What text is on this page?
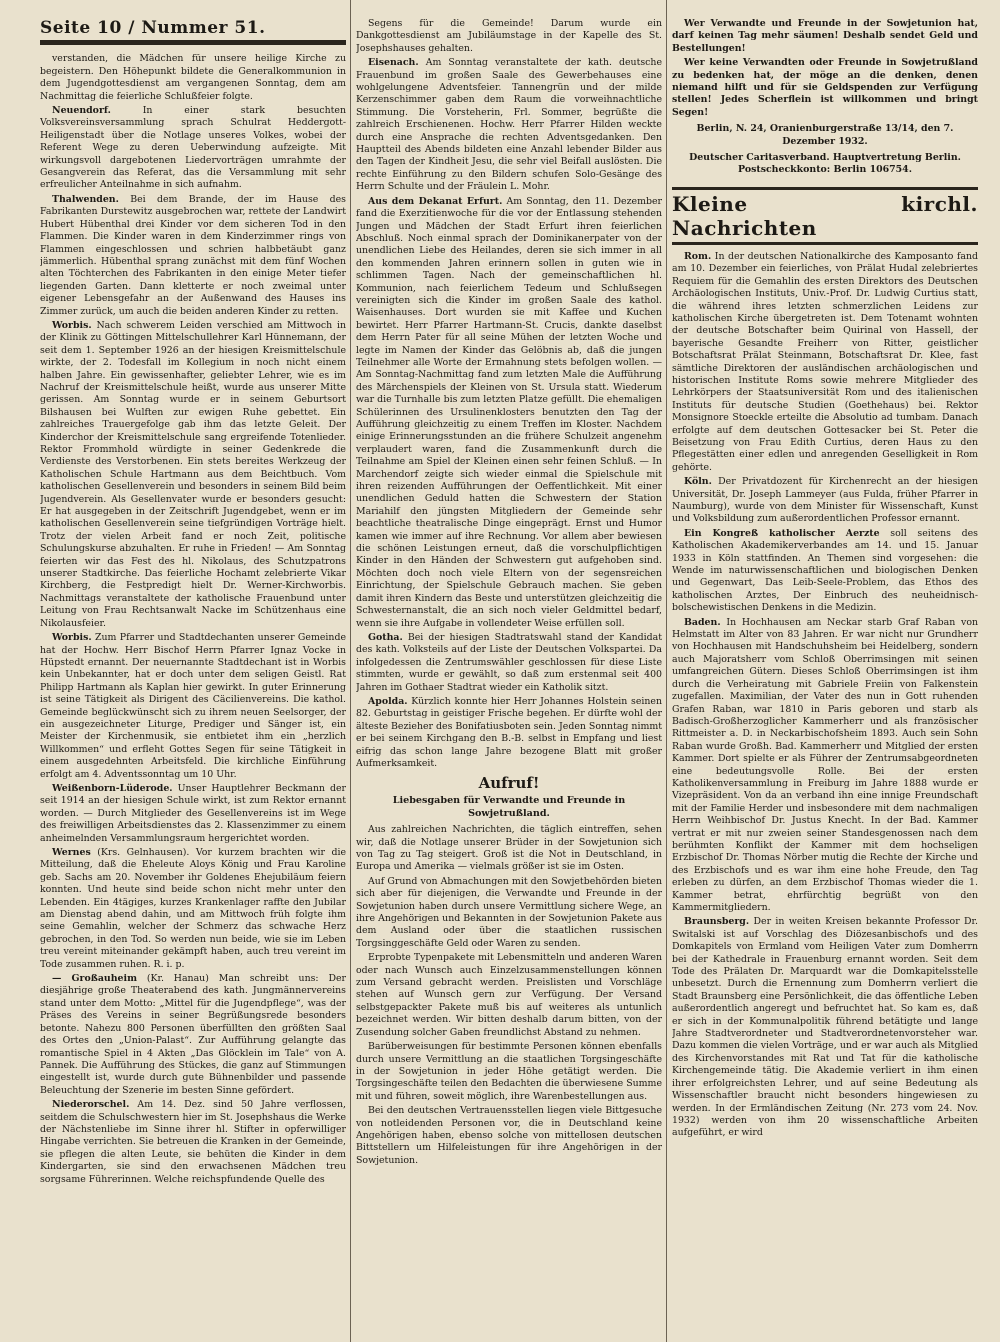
Seite 10 / Nummer 51.

verstanden, die Mädchen für unsere heilige Kirche zu begeistern. Den Höhepunkt bildete die Generalkommunion in dem Jugendgottesdienst am vergangenen Sonntag, dem am Nachmittag die feierliche Schlußfeier folgte.

Neuendorf.	In einer stark besuchten Volksvereinsversammlung sprach Schulrat Heddergott-Heiligenstadt über die Notlage unseres Volkes, wobei der Referent Wege zu deren Ueberwindung aufzeigte. Mit wirkungsvoll dargebotenen Liedervorträgen umrahmte der Gesangverein das Referat, das die Versammlung mit sehr erfreulicher Anteilnahme in sich aufnahm.

Thalwenden. Bei dem Brande, der im Hause des Fabrikanten Durstewitz ausgebrochen war, rettete der Landwirt Hubert Hübenthal drei Kinder vor dem sicheren Tod in den Flammen. Die Kinder waren in dem Kinderzimmer rings von Flammen eingeschlossen und schrien halbbetäubt ganz jämmerlich. Hübenthal sprang zunächst mit dem fünf Wochen alten Töchterchen des Fabrikanten in den einige Meter tiefer liegenden Garten. Dann kletterte er noch zweimal unter eigener Lebensgefahr an der Außenwand des Hauses ins Zimmer zurück, um auch die beiden anderen Kinder zu retten.

Worbis. Nach schwerem Leiden verschied am Mittwoch in der Klinik zu Göttingen Mittelschullehrer Karl Hünnemann, der seit dem 1. September 1926 an der hiesigen Kreismittelschule wirkte, der 2. Todesfall im Kollegium in noch nicht einem halben Jahre. Ein gewissenhafter, geliebter Lehrer, wie es im Nachruf der Kreismittelschule heißt, wurde aus unserer Mitte gerissen. Am Sonntag wurde er in seinem Geburtsort Bilshausen bei Wulften zur ewigen Ruhe gebettet. Ein zahlreiches Trauergefolge gab ihm das letzte Geleit. Der Kinderchor der Kreismittelschule sang ergreifende Totenlieder. Rektor Frommhold würdigte in seiner Gedenkrede die Verdienste des Verstorbenen. Ein stets bereites Werkzeug der Katholischen Schule Hartmann aus dem Beichtbuch. Vom katholischen Gesellenverein und besonders in seinem Bild beim Jugendverein. Als Gesellenvater wurde er besonders gesucht: Er hat ausgegeben in der Zeitschrift Jugendgebet, wenn er im katholischen Gesellenverein seine tiefgründigen Vorträge hielt. Trotz der vielen Arbeit fand er noch Zeit, politische Schulungskurse abzuhalten. Er ruhe in Frieden! — Am Sonntag feierten wir das Fest des hl. Nikolaus, des Schutzpatrons unserer Stadtkirche. Das feierliche Hochamt zelebrierte Vikar Kirchberg, die Festpredigt hielt Dr. Werner-Kirchworbis. Nachmittags veranstaltete der katholische Frauenbund unter Leitung von Frau Rechtsanwalt Nacke im Schützenhaus eine Nikolausfeier.

Worbis. Zum Pfarrer und Stadtdechanten unserer Gemeinde hat der Hochw. Herr Bischof Herrn Pfarrer Ignaz Vocke in Hüpstedt ernannt. Der neuernannte Stadtdechant ist in Worbis kein Unbekannter, hat er doch unter dem seligen Geistl. Rat Philipp Hartmann als Kaplan hier gewirkt. In guter Erinnerung ist seine Tätigkeit als Dirigent des Cäcilienvereins. Die kathol. Gemeinde beglückwünscht sich zu ihrem neuen Seelsorger, der ein ausgezeichneter Liturge, Prediger und Sänger ist, ein Meister der Kirchenmusik, sie entbietet ihm ein „herzlich Willkommen“ und erfleht Gottes Segen für seine Tätigkeit in einem ausgedehnten Arbeitsfeld. Die kirchliche Einführung erfolgt am 4. Adventssonntag um 10 Uhr.

Weißenborn-Lüderode. Unser Hauptlehrer Beckmann der seit 1914 an der hiesigen Schule wirkt, ist zum Rektor ernannt worden. — Durch Mitglieder des Gesellenvereins ist im Wege des freiwilligen Arbeitsdienstes das 2. Klassenzimmer zu einem anheimelnden Versammlungsraum hergerichtet worden.

Wernes (Krs. Gelnhausen). Vor kurzem brachten wir die Mitteilung, daß die Eheleute Aloys König und Frau Karoline geb. Sachs am 20. November ihr Goldenes Ehejubiläum feiern konnten. Und heute sind beide schon nicht mehr unter den Lebenden. Ein 4tägiges, kurzes Krankenlager raffte den Jubilar am Dienstag abend dahin, und am Mittwoch früh folgte ihm seine Gemahlin, welcher der Schmerz das schwache Herz gebrochen, in den Tod. So werden nun beide, wie sie im Leben treu vereint miteinander gekämpft haben, auch treu vereint im Tode zusammen ruhen. R. i. p.

— Großauheim (Kr. Hanau) Man schreibt uns: Der diesjährige große Theaterabend des kath. Jungmännervereins stand unter dem Motto: „Mittel für die Jugendpflege“, was der Präses des Vereins in seiner Begrüßungsrede besonders betonte. Nahezu 800 Personen überfüllten den größten Saal des Ortes den „Union-Palast“. Zur Aufführung gelangte das romantische Spiel in 4 Akten „Das Glöcklein im Tale“ von A. Pannek. Die Aufführung des Stückes, die ganz auf Stimmungen eingestellt ist, wurde durch gute Bühnenbilder und passende Beleuchtung der Szenerie im besten Sinne gefördert.

Niederorschel. Am 14. Dez. sind 50 Jahre verflossen, seitdem die Schulschwestern hier im St. Josephshaus die Werke der Nächstenliebe im Sinne ihrer hl. Stifter in opferwilliger Hingabe verrichten. Sie betreuen die Kranken in der Gemeinde, sie pflegen die alten Leute, sie behüten die Kinder in dem Kindergarten, sie sind den erwachsenen Mädchen treu sorgsame Führerinnen. Welche reichspfundende Quelle des

Segens für die Gemeinde! Darum wurde ein Dankgottesdienst am Jubiläumstage in der Kapelle des St. Josephshauses gehalten.

Eisenach. Am Sonntag veranstaltete der kath. deutsche Frauenbund im großen Saale des Gewerbehauses eine wohlgelungene Adventsfeier. Tannengrün und der milde Kerzenschimmer gaben dem Raum die vorweihnachtliche Stimmung. Die Vorsteherin, Frl. Sommer, begrüßte die zahlreich Erschienenen. Hochw. Herr Pfarrer Hilden weckte durch eine Ansprache die rechten Adventsgedanken. Den Hauptteil des Abends bildeten eine Anzahl lebender Bilder aus den Tagen der Kindheit Jesu, die sehr viel Beifall auslösten. Die rechte Einführung zu den Bildern schufen Solo-Gesänge des Herrn Schulte und der Fräulein L. Mohr.

Aus dem Dekanat Erfurt. Am Sonntag, den 11. Dezember fand die Exerzitienwoche für die vor der Entlassung stehenden Jungen und Mädchen der Stadt Erfurt ihren feierlichen Abschluß. Noch einmal sprach der Dominikanerpater von der unendlichen Liebe des Heilandes, deren sie sich immer in all den kommenden Jahren erinnern sollen in guten wie in schlimmen Tagen. Nach der gemeinschaftlichen hl. Kommunion, nach feierlichem Tedeum und Schlußsegen vereinigten sich die Kinder im großen Saale des kathol. Waisenhauses. Dort wurden sie mit Kaffee und Kuchen bewirtet. Herr Pfarrer Hartmann-St. Crucis, dankte daselbst dem Herrn Pater für all seine Mühen der letzten Woche und legte im Namen der Kinder das Gelöbnis ab, daß die jungen Teilnehmer alle Worte der Ermahnung stets befolgen wollen. — Am Sonntag-Nachmittag fand zum letzten Male die Aufführung des Märchenspiels der Kleinen von St. Ursula statt. Wiederum war die Turnhalle bis zum letzten Platze gefüllt. Die ehemaligen Schülerinnen des Ursulinenklosters benutzten den Tag der Aufführung gleichzeitig zu einem Treffen im Kloster. Nachdem einige Erinnerungsstunden an die frühere Schulzeit angenehm verplaudert waren, fand die Zusammenkunft durch die Teilnahme am Spiel der Kleinen einen sehr feinen Schluß. — In Marchendorf zeigte sich wieder einmal die Spielschule mit ihren reizenden Aufführungen der Oeffentlichkeit. Mit einer unendlichen Geduld hatten die Schwestern der Station Mariahilf den jüngsten Mitgliedern der Gemeinde sehr beachtliche theatralische Dinge eingeprägt. Ernst und Humor kamen wie immer auf ihre Rechnung. Vor allem aber bewiesen die schönen Leistungen erneut, daß die vorschulpflichtigen Kinder in den Händen der Schwestern gut aufgehoben sind. Möchten doch noch viele Eltern von der segensreichen Einrichtung, der Spielschule Gebrauch machen. Sie geben damit ihren Kindern das Beste und unterstützen gleichzeitig die Schwesternanstalt, die an sich noch vieler Geldmittel bedarf, wenn sie ihre Aufgabe in vollendeter Weise erfüllen soll.

Gotha. Bei der hiesigen Stadtratswahl stand der Kandidat des kath. Volksteils auf der Liste der Deutschen Volkspartei. Da infolgedessen die Zentrumswähler geschlossen für diese Liste stimmten, wurde er gewählt, so daß zum erstenmal seit 400 Jahren im Gothaer Stadtrat wieder ein Katholik sitzt.

Apolda. Kürzlich konnte hier Herr Johannes Holstein seinen 82. Geburtstag in geistiger Frische begehen. Er dürfte wohl der älteste Bezieher des Bonifatiusboten sein. Jeden Sonntag nimmt er bei seinem Kirchgang den B.-B. selbst in Empfang und liest eifrig das schon lange Jahre bezogene Blatt mit großer Aufmerksamkeit.

Aufruf!
Liebesgaben für Verwandte und Freunde in Sowjetrußland.

Aus zahlreichen Nachrichten, die täglich eintreffen, sehen wir, daß die Notlage unserer Brüder in der Sowjetunion sich von Tag zu Tag steigert. Groß ist die Not in Deutschland, in Europa und Amerika — vielmals größer ist sie im Osten.

Auf Grund von Abmachungen mit den Sowjetbehörden bieten sich aber für diejenigen, die Verwandte und Freunde in der Sowjetunion haben durch unsere Vermittlung sichere Wege, an ihre Angehörigen und Bekannten in der Sowjetunion Pakete aus dem Ausland oder über die staatlichen russischen Torgsinggeschäfte Geld oder Waren zu senden.

Erprobte Typenpakete mit Lebensmitteln und anderen Waren oder nach Wunsch auch Einzelzusammenstellungen können zum Versand gebracht werden. Preislisten und Vorschläge stehen auf Wunsch gern zur Verfügung. Der Versand selbstgepackter Pakete muß bis auf weiteres als untunlich bezeichnet werden. Wir bitten deshalb darum bitten, von der Zusendung solcher Gaben freundlichst Abstand zu nehmen.

Barüberweisungen für bestimmte Personen können ebenfalls durch unsere Vermittlung an die staatlichen Torgsingeschäfte in der Sowjetunion in jeder Höhe getätigt werden. Die Torgsingeschäfte teilen den Bedachten die überwiesene Summe mit und führen, soweit möglich, ihre Warenbestellungen aus.

Bei den deutschen Vertrauensstellen liegen viele Bittgesuche von notleidenden Personen vor, die in Deutschland keine Angehörigen haben, ebenso solche von mittellosen deutschen Bittstellern um Hilfeleistungen für ihre Angehörigen in der Sowjetunion.

Wer Verwandte und Freunde in der Sowjetunion hat, darf keinen Tag mehr säumen! Deshalb sendet Geld und Bestellungen!

Wer keine Verwandten oder Freunde in Sowjetrußland zu bedenken hat, der möge an die denken, denen niemand hilft und für sie Geldspenden zur Verfügung stellen! Jedes Scherflein ist willkommen und bringt Segen!

Berlin, N. 24, Oranienburgerstraße 13/14, den 7. Dezember 1932.
Deutscher Caritasverband. Hauptvertretung Berlin. Postscheckkonto: Berlin 106754.
Kleine kirchl. Nachrichten

Rom. In der deutschen Nationalkirche des Kamposanto fand am 10. Dezember ein feierliches, von Prälat Hudal zelebriertes Requiem für die Gemahlin des ersten Direktors des Deutschen Archäologischen Instituts, Univ.-Prof. Dr. Ludwig Curtius statt, die während ihres letzten schmerzlichen Leidens zur katholischen Kirche übergetreten ist. Dem Totenamt wohnten der deutsche Botschafter beim Quirinal von Hassell, der bayerische Gesandte Freiherr von Ritter, geistlicher Botschaftsrat Prälat Steinmann, Botschaftsrat Dr. Klee, fast sämtliche Direktoren der ausländischen archäologischen und historischen Institute Roms sowie mehrere Mitglieder des Lehrkörpers der Staatsuniversität Rom und des italienischen Instituts für deutsche Studien (Goethehaus) bei. Rektor Monsignore Stoeckle erteilte die Absolutio ad tumbam. Danach erfolgte auf dem deutschen Gottesacker bei St. Peter die Beisetzung von Frau Edith Curtius, deren Haus zu den Pflegestätten einer edlen und anregenden Geselligkeit in Rom gehörte.

Köln. Der Privatdozent für Kirchenrecht an der hiesigen Universität, Dr. Joseph Lammeyer (aus Fulda, früher Pfarrer in Naumburg), wurde von dem Minister für Wissenschaft, Kunst und Volksbildung zum außerordentlichen Professor ernannt.

Ein Kongreß katholischer Aerzte soll seitens des Katholischen Akademikerverbandes am 14. und 15. Januar 1933 in Köln stattfinden. An Themen sind vorgesehen: die Wende im naturwissenschaftlichen und biologischen Denken und Gegenwart, Das Leib-Seele-Problem, das Ethos des katholischen Arztes, Der Einbruch des neuheidnisch-bolschewistischen Denkens in die Medizin.

Baden. In Hochhausen am Neckar starb Graf Raban von Helmstatt im Alter von 83 Jahren. Er war nicht nur Grundherr von Hochhausen mit Handschuhsheim bei Heidelberg, sondern auch Majoratsherr vom Schloß Oberrimsingen mit seinen umfangreichen Gütern. Dieses Schloß Oberrimsingen ist ihm durch die Verheiratung mit Gabriele Freiin von Falkenstein zugefallen. Maximilian, der Vater des nun in Gott ruhenden Grafen Raban, war 1810 in Paris geboren und starb als Badisch-Großherzoglicher Kammerherr und als französischer Rittmeister a. D. in Neckarbischofsheim 1893. Auch sein Sohn Raban wurde Großh. Bad. Kammerherr und Mitglied der ersten Kammer. Dort spielte er als Führer der Zentrumsabgeordneten eine bedeutungsvolle Rolle. Bei der ersten Katholikenversammlung in Freiburg im Jahre 1888 wurde er Vizepräsident. Von da an verband ihn eine innige Freundschaft mit der Familie Herder und insbesondere mit dem nachmaligen Herrn Weihbischof Dr. Justus Knecht. In der Bad. Kammer vertrat er mit nur zweien seiner Standesgenossen nach dem berühmten Konflikt der Kammer mit dem hochseligen Erzbischof Dr. Thomas Nörber mutig die Rechte der Kirche und des Erzbischofs und es war ihm eine hohe Freude, den Tag erleben zu dürfen, an dem Erzbischof Thomas wieder die 1. Kammer betrat, ehrfürchtig begrüßt von den Kammermitgliedern.

Braunsberg. Der in weiten Kreisen bekannte Professor Dr. Switalski ist auf Vorschlag des Diözesanbischofs und des Domkapitels von Ermland vom Heiligen Vater zum Domherrn bei der Kathedrale in Frauenburg ernannt worden. Seit dem Tode des Prälaten Dr. Marquardt war die Domkapitelsstelle unbesetzt. Durch die Ernennung zum Domherrn verliert die Stadt Braunsberg eine Persönlichkeit, die das öffentliche Leben außerordentlich angeregt und befruchtet hat. So kam es, daß er sich in der Kommunalpolitik führend betätigte und lange Jahre Stadtverordneter und Stadtverordnetenvorsteher war. Dazu kommen die vielen Vorträge, und er war auch als Mitglied des Kirchenvorstandes mit Rat und Tat für die katholische Kirchengemeinde tätig. Die Akademie verliert in ihm einen ihrer erfolgreichsten Lehrer, und auf seine Bedeutung als Wissenschaftler braucht nicht besonders hingewiesen zu werden. In der Ermländischen Zeitung (Nr. 273 vom 24. Nov. 1932) werden von ihm 20 wissenschaftliche Arbeiten aufgeführt, er wird
